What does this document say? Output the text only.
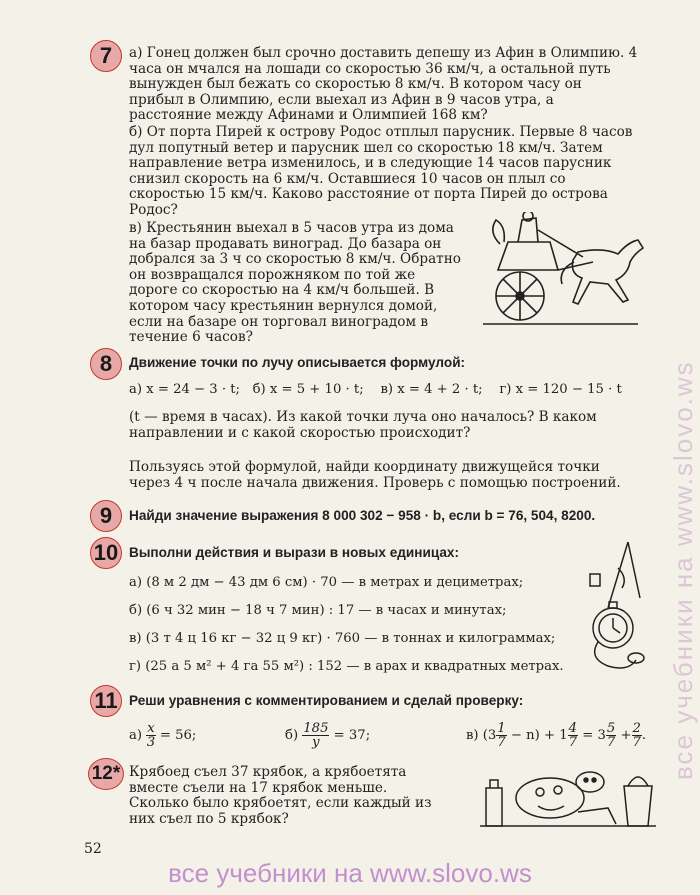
7	а) Гонец должен был срочно доставить депешу из Афин в Олимпию. 4 часа он мчался на лошади со скоростью 36 км/ч, а остальной путь вынужден был бежать со скоростью 8 км/ч. В котором часу он прибыл в Олимпию, если выехал из Афин в 9 часов утра, а расстояние между Афинами и Олимпией 168 км?
б) От порта Пирей к острову Родос отплыл парусник. Первые 8 часов дул попутный ветер и парусник шел со скоростью 18 км/ч. Затем направление ветра изменилось, и в следующие 14 часов парусник снизил скорость на 6 км/ч. Оставшиеся 10 часов он плыл со скоростью 15 км/ч. Каково расстояние от порта Пирей до острова Родос?
в) Крестьянин выехал в 5 часов утра из дома на базар продавать виноград. До базара он добрался за 3 ч со скоростью 8 км/ч. Обратно он возвращался порожняком по той же дороге со скоростью на 4 км/ч большей. В котором часу крестьянин вернулся домой, если на базаре он торговал виноградом в течение 6 часов?
8	Движение точки по лучу описывается формулой:
а) x = 24 − 3 · t; б) x = 5 + 10 · t; в) x = 4 + 2 · t; г) x = 120 − 15 · t
(t — время в часах). Из какой точки луча оно началось? В каком направлении и с какой скоростью происходит?
Пользуясь этой формулой, найди координату движущейся точки через 4 ч после начала движения. Проверь с помощью построений.
9	Найди значение выражения 8 000 302 − 958 · b, если b = 76, 504, 8200.
10 Выполни действия и вырази в новых единицах:
а) (8 м 2 дм − 43 дм 6 см) · 70 — в метрах и дециметрах;
б) (6 ч 32 мин − 18 ч 7 мин) : 17 — в часах и минутах;
в) (3 т 4 ц 16 кг − 32 ц 9 кг) · 760 — в тоннах и килограммах;
г) (25 а 5 м² + 4 га 55 м²) : 152 — в арах и квадратных метрах.
11 Реши уравнения с комментированием и сделай проверку:
$а) \frac{x}{3} = 56$;	$б) \frac{185}{y} = 37$;	в) $(3 \frac{1}{7} - n) + 1 \frac{4}{7} = 3 \frac{5}{7} + \frac{2}{7}$ .
12* Крябоед съел 37 крябок, а крябоетята вместе съели на 17 крябок меньше. Сколько было крябоетят, если каждый из них съел по 5 крябок?
52
все учебники на www.slovo.ws
все учебники на www.slovo.ws
